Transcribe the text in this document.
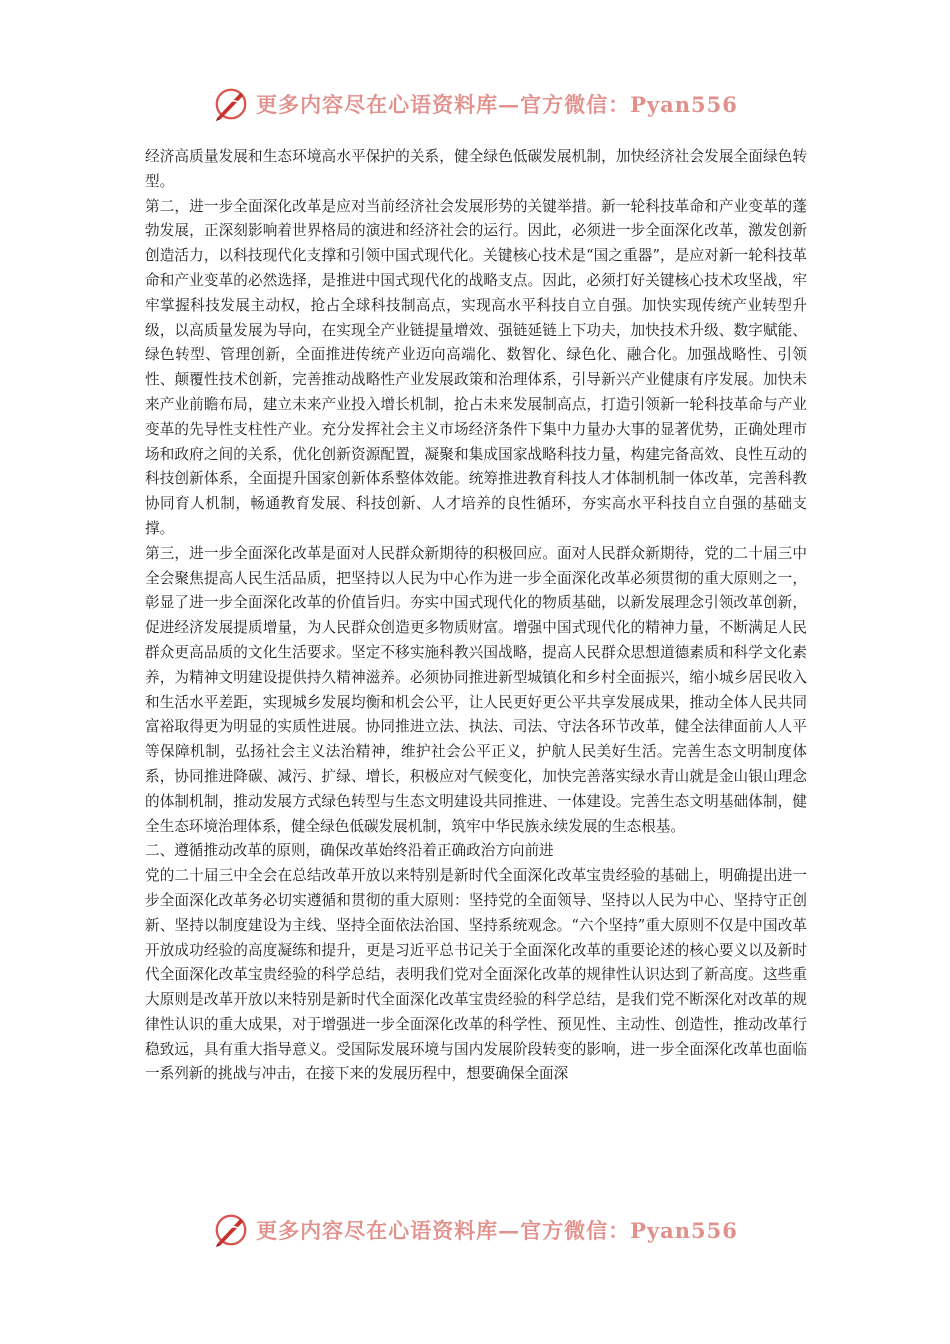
更多内容尽在心语资料库—官方微信：Pyan556

经济高质量发展和生态环境高水平保护的关系，健全绿色低碳发展机制，加快经济社会发展全面绿色转型。

第二，进一步全面深化改革是应对当前经济社会发展形势的关键举措。新一轮科技革命和产业变革的蓬勃发展，正深刻影响着世界格局的演进和经济社会的运行。因此，必须进一步全面深化改革，激发创新创造活力，以科技现代化支撑和引领中国式现代化。关键核心技术是“国之重器”，是应对新一轮科技革命和产业变革的必然选择，是推进中国式现代化的战略支点。因此，必须打好关键核心技术攻坚战，牢牢掌握科技发展主动权，抢占全球科技制高点，实现高水平科技自立自强。加快实现传统产业转型升级，以高质量发展为导向，在实现全产业链提量增效、强链延链上下功夫，加快技术升级、数字赋能、绿色转型、管理创新，全面推进传统产业迈向高端化、数智化、绿色化、融合化。加强战略性、引领性、颠覆性技术创新，完善推动战略性产业发展政策和治理体系，引导新兴产业健康有序发展。加快未来产业前瞻布局，建立未来产业投入增长机制，抢占未来发展制高点，打造引领新一轮科技革命与产业变革的先导性支柱性产业。充分发挥社会主义市场经济条件下集中力量办大事的显著优势，正确处理市场和政府之间的关系，优化创新资源配置，凝聚和集成国家战略科技力量，构建完备高效、良性互动的科技创新体系，全面提升国家创新体系整体效能。统筹推进教育科技人才体制机制一体改革，完善科教协同育人机制，畅通教育发展、科技创新、人才培养的良性循环，夯实高水平科技自立自强的基础支撑。

第三，进一步全面深化改革是面对人民群众新期待的积极回应。面对人民群众新期待，党的二十届三中全会聚焦提高人民生活品质，把坚持以人民为中心作为进一步全面深化改革必须贯彻的重大原则之一，彰显了进一步全面深化改革的价值旨归。夯实中国式现代化的物质基础，以新发展理念引领改革创新，促进经济发展提质增量，为人民群众创造更多物质财富。增强中国式现代化的精神力量，不断满足人民群众更高品质的文化生活要求。坚定不移实施科教兴国战略，提高人民群众思想道德素质和科学文化素养，为精神文明建设提供持久精神滋养。必须协同推进新型城镇化和乡村全面振兴，缩小城乡居民收入和生活水平差距，实现城乡发展均衡和机会公平，让人民更好更公平共享发展成果，推动全体人民共同富裕取得更为明显的实质性进展。协同推进立法、执法、司法、守法各环节改革，健全法律面前人人平等保障机制，弘扬社会主义法治精神，维护社会公平正义，护航人民美好生活。完善生态文明制度体系，协同推进降碳、减污、扩绿、增长，积极应对气候变化，加快完善落实绿水青山就是金山银山理念的体制机制，推动发展方式绿色转型与生态文明建设共同推进、一体建设。完善生态文明基础体制，健全生态环境治理体系，健全绿色低碳发展机制，筑牢中华民族永续发展的生态根基。

二、遵循推动改革的原则，确保改革始终沿着正确政治方向前进

党的二十届三中全会在总结改革开放以来特别是新时代全面深化改革宝贵经验的基础上，明确提出进一步全面深化改革务必切实遵循和贯彻的重大原则：坚持党的全面领导、坚持以人民为中心、坚持守正创新、坚持以制度建设为主线、坚持全面依法治国、坚持系统观念。“六个坚持”重大原则不仅是中国改革开放成功经验的高度凝练和提升，更是习近平总书记关于全面深化改革的重要论述的核心要义以及新时代全面深化改革宝贵经验的科学总结，表明我们党对全面深化改革的规律性认识达到了新高度。这些重大原则是改革开放以来特别是新时代全面深化改革宝贵经验的科学总结，是我们党不断深化对改革的规律性认识的重大成果，对于增强进一步全面深化改革的科学性、预见性、主动性、创造性，推动改革行稳致远，具有重大指导意义。受国际发展环境与国内发展阶段转变的影响，进一步全面深化改革也面临一系列新的挑战与冲击，在接下来的发展历程中，想要确保全面深

更多内容尽在心语资料库—官方微信：Pyan556
